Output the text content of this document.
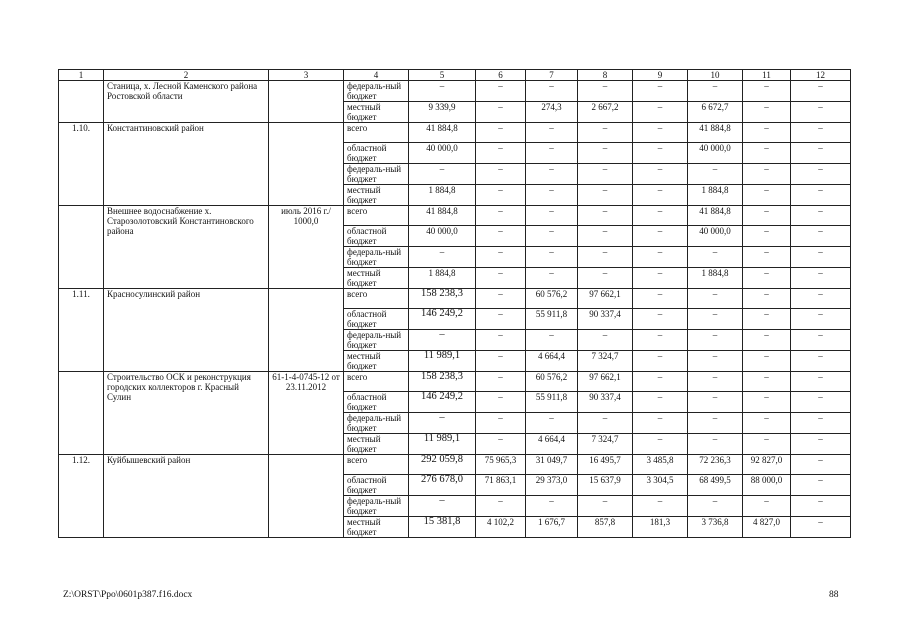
1	2	3	4	5	6	7	8	9	10	11	12
	Станица, х. Лесной Каменского района Ростовской области		федераль-ный бюджет	–	–	–	–	–	–	–	–
			местный бюджет	9 339,9	–	274,3	2 667,2	–	6 672,7	–	–
1.10.	Константиновский район		всего	41 884,8	–	–	–	–	41 884,8	–	–
			областной бюджет	40 000,0	–	–	–	–	40 000,0	–	–
			федераль-ный бюджет	–	–	–	–	–	–	–	–
			местный бюджет	1 884,8	–	–	–	–	1 884,8	–	–
	Внешнее водоснабжение х. Старозолотовский Константиновского района	июль 2016 г./ 1000,0	всего	41 884,8	–	–	–	–	41 884,8	–	–
			областной бюджет	40 000,0	–	–	–	–	40 000,0	–	–
			федераль-ный бюджет	–	–	–	–	–	–	–	–
			местный бюджет	1 884,8	–	–	–	–	1 884,8	–	–
1.11.	Красносулинский район		всего	158 238,3	–	60 576,2	97 662,1	–	–	–	–
			областной бюджет	146 249,2	–	55 911,8	90 337,4	–	–	–	–
			федераль-ный бюджет	–	–	–	–	–	–	–	–
			местный бюджет	11 989,1	–	4 664,4	7 324,7	–	–	–	–
	Строительство ОСК и реконструкция городских коллекторов г. Красный Сулин	61-1-4-0745-12 от 23.11.2012	всего	158 238,3	–	60 576,2	97 662,1	–	–	–	–
			областной бюджет	146 249,2	–	55 911,8	90 337,4	–	–	–	–
			федераль-ный бюджет	–	–	–	–	–	–	–	–
			местный бюджет	11 989,1	–	4 664,4	7 324,7	–	–	–	–
1.12.	Куйбышевский район		всего	292 059,8	75 965,3	31 049,7	16 495,7	3 485,8	72 236,3	92 827,0	–
			областной бюджет	276 678,0	71 863,1	29 373,0	15 637,9	3 304,5	68 499,5	88 000,0	–
			федераль-ный бюджет	–	–	–	–	–	–	–	–
			местный бюджет	15 381,8	4 102,2	1 676,7	857,8	181,3	3 736,8	4 827,0	–
Z:\ORST\Ppo\0601p387.f16.docx	88
